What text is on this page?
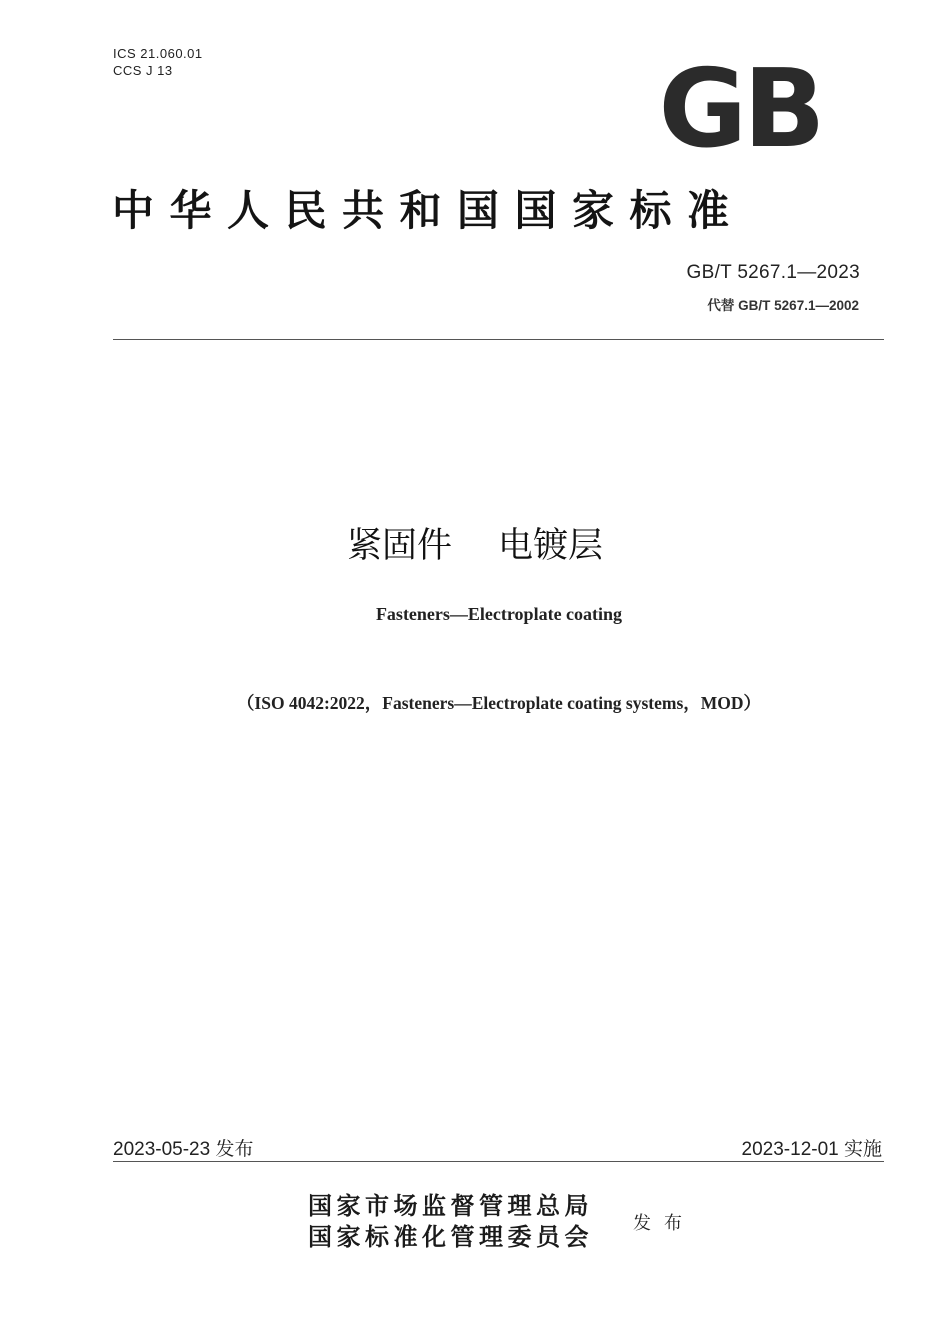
ICS 21.060.01
CCS J 13	GB
中华人民共和国国家标准
GB/T 5267.1—2023
代替 GB/T 5267.1—2002
紧固件 电镀层
Fasteners—Electroplate coating
（ISO 4042:2022，Fasteners—Electroplate coating systems，MOD）
2023-05-23 发布	2023-12-01 实施
国家市场监督管理总局
国家标准化管理委员会 发布
